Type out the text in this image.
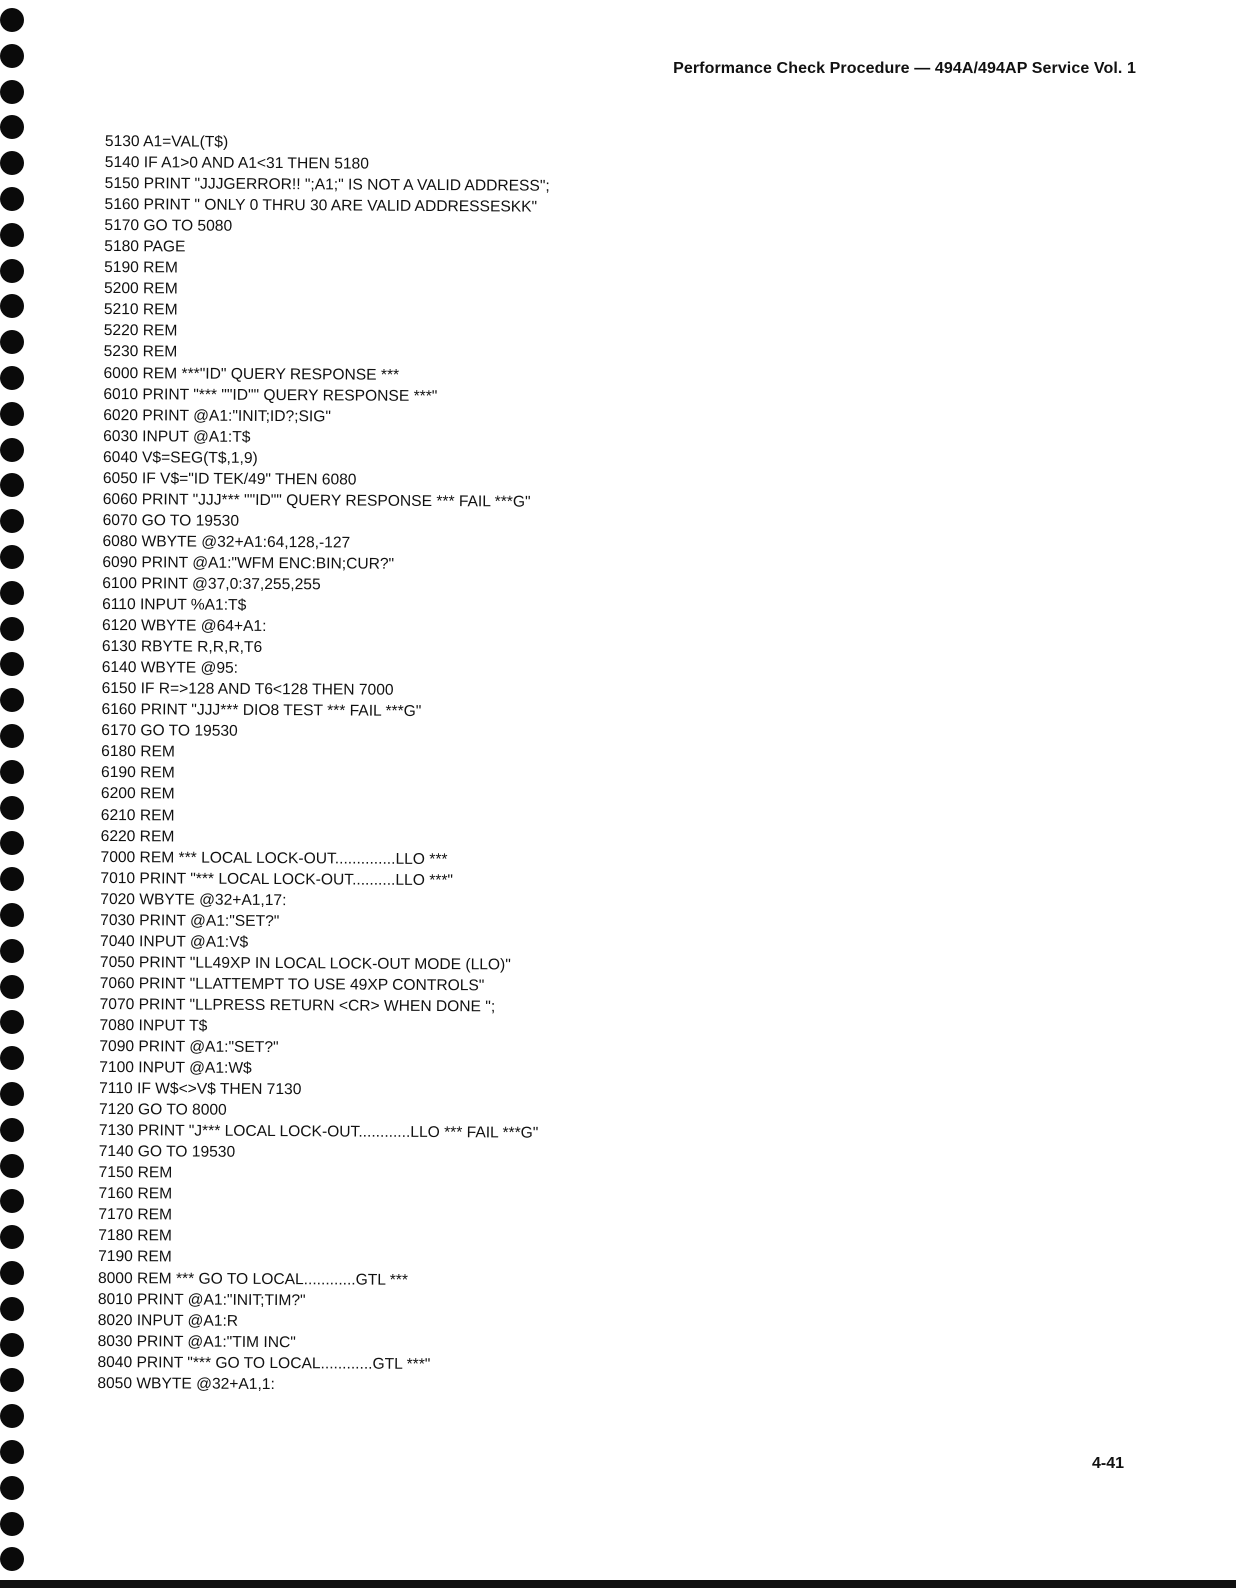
Performance Check Procedure — 494A/494AP Service Vol. 1
5130 A1=VAL(T$)
5140 IF A1>0 AND A1<31 THEN 5180
5150 PRINT "JJJGERROR!! ";A1;" IS NOT A VALID ADDRESS";
5160 PRINT " ONLY 0 THRU 30 ARE VALID ADDRESSESKK"
5170 GO TO 5080
5180 PAGE
5190 REM
5200 REM
5210 REM
5220 REM
5230 REM
6000 REM ***"ID" QUERY RESPONSE ***
6010 PRINT "*** ""ID"" QUERY RESPONSE ***"
6020 PRINT @A1:"INIT;ID?;SIG"
6030 INPUT @A1:T$
6040 V$=SEG(T$,1,9)
6050 IF V$="ID TEK/49" THEN 6080
6060 PRINT "JJJ*** ""ID"" QUERY RESPONSE *** FAIL ***G"
6070 GO TO 19530
6080 WBYTE @32+A1:64,128,-127
6090 PRINT @A1:"WFM ENC:BIN;CUR?"
6100 PRINT @37,0:37,255,255
6110 INPUT %A1:T$
6120 WBYTE @64+A1:
6130 RBYTE R,R,R,T6
6140 WBYTE @95:
6150 IF R=>128 AND T6<128 THEN 7000
6160 PRINT "JJJ*** DIO8 TEST *** FAIL ***G"
6170 GO TO 19530
6180 REM
6190 REM
6200 REM
6210 REM
6220 REM
7000 REM *** LOCAL LOCK-OUT..............LLO ***
7010 PRINT "*** LOCAL LOCK-OUT..........LLO ***"
7020 WBYTE @32+A1,17:
7030 PRINT @A1:"SET?"
7040 INPUT @A1:V$
7050 PRINT "LL49XP IN LOCAL LOCK-OUT MODE (LLO)"
7060 PRINT "LLATTEMPT TO USE 49XP CONTROLS"
7070 PRINT "LLPRESS RETURN <CR> WHEN DONE ";
7080 INPUT T$
7090 PRINT @A1:"SET?"
7100 INPUT @A1:W$
7110 IF W$<>V$ THEN 7130
7120 GO TO 8000
7130 PRINT "J*** LOCAL LOCK-OUT............LLO *** FAIL ***G"
7140 GO TO 19530
7150 REM
7160 REM
7170 REM
7180 REM
7190 REM
8000 REM *** GO TO LOCAL............GTL ***
8010 PRINT @A1:"INIT;TIM?"
8020 INPUT @A1:R
8030 PRINT @A1:"TIM INC"
8040 PRINT "*** GO TO LOCAL............GTL ***"
8050 WBYTE @32+A1,1:
4-41
